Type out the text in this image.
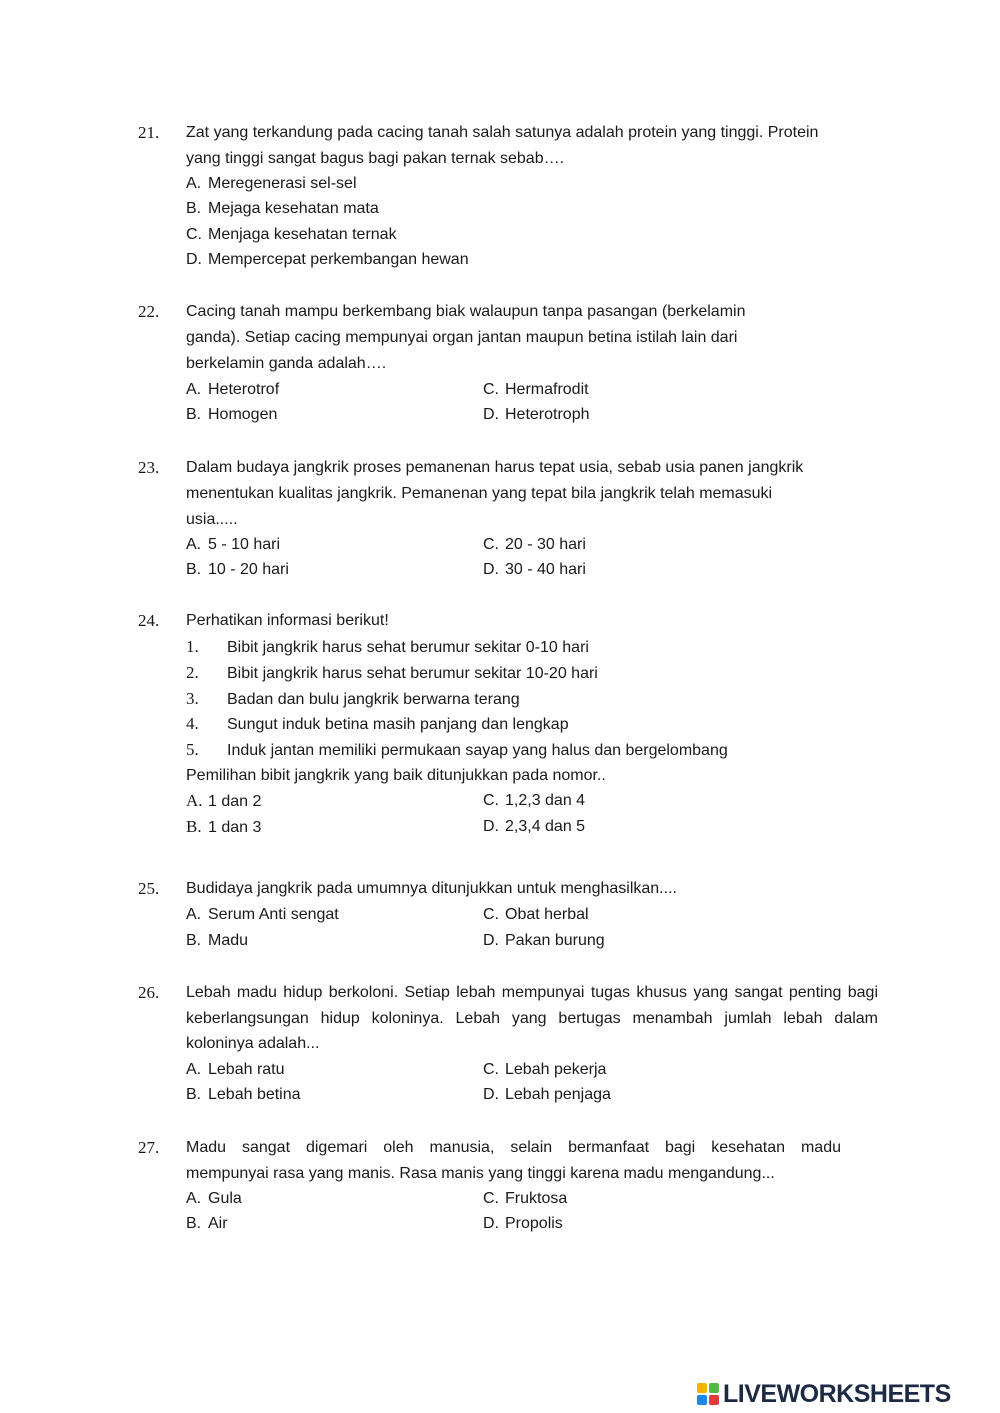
21. Zat yang terkandung pada cacing tanah salah satunya adalah protein yang tinggi. Protein
yang tinggi sangat bagus bagi pakan ternak sebab….
A. Meregenerasi sel-sel
B. Mejaga kesehatan mata
C. Menjaga kesehatan ternak
D. Mempercepat perkembangan hewan
22. Cacing tanah mampu berkembang biak walaupun tanpa pasangan (berkelamin
ganda). Setiap cacing mempunyai organ jantan maupun betina istilah lain dari
berkelamin ganda adalah….
A. Heterotrof	C. Hermafrodit
B. Homogen	D. Heterotroph
23. Dalam budaya jangkrik proses pemanenan harus tepat usia, sebab usia panen jangkrik
menentukan kualitas jangkrik. Pemanenan yang tepat bila jangkrik telah memasuki
usia.....
A. 5 - 10 hari	C. 20 - 30 hari
B. 10 - 20 hari	D. 30 - 40 hari
24. Perhatikan informasi berikut!
1. Bibit jangkrik harus sehat berumur sekitar 0-10 hari
2. Bibit jangkrik harus sehat berumur sekitar 10-20 hari
3. Badan dan bulu jangkrik berwarna terang
4. Sungut induk betina masih panjang dan lengkap
5. Induk jantan memiliki permukaan sayap yang halus dan bergelombang
Pemilihan bibit jangkrik yang baik ditunjukkan pada nomor..
A. 1 dan 2	C. 1,2,3 dan 4
B. 1 dan 3	D. 2,3,4 dan 5
25. Budidaya jangkrik pada umumnya ditunjukkan untuk menghasilkan....
A. Serum Anti sengat	C. Obat herbal
B. Madu	D. Pakan burung
26. Lebah madu hidup berkoloni. Setiap lebah mempunyai tugas khusus yang sangat penting bagi
keberlangsungan hidup koloninya. Lebah yang bertugas menambah jumlah lebah dalam
koloninya adalah...
A. Lebah ratu	C. Lebah pekerja
B. Lebah betina	D. Lebah penjaga
27. Madu sangat digemari oleh manusia, selain bermanfaat bagi kesehatan madu
mempunyai rasa yang manis. Rasa manis yang tinggi karena madu mengandung...
A. Gula	C. Fruktosa
B. Air	D. Propolis
LIVEWORKSHEETS
